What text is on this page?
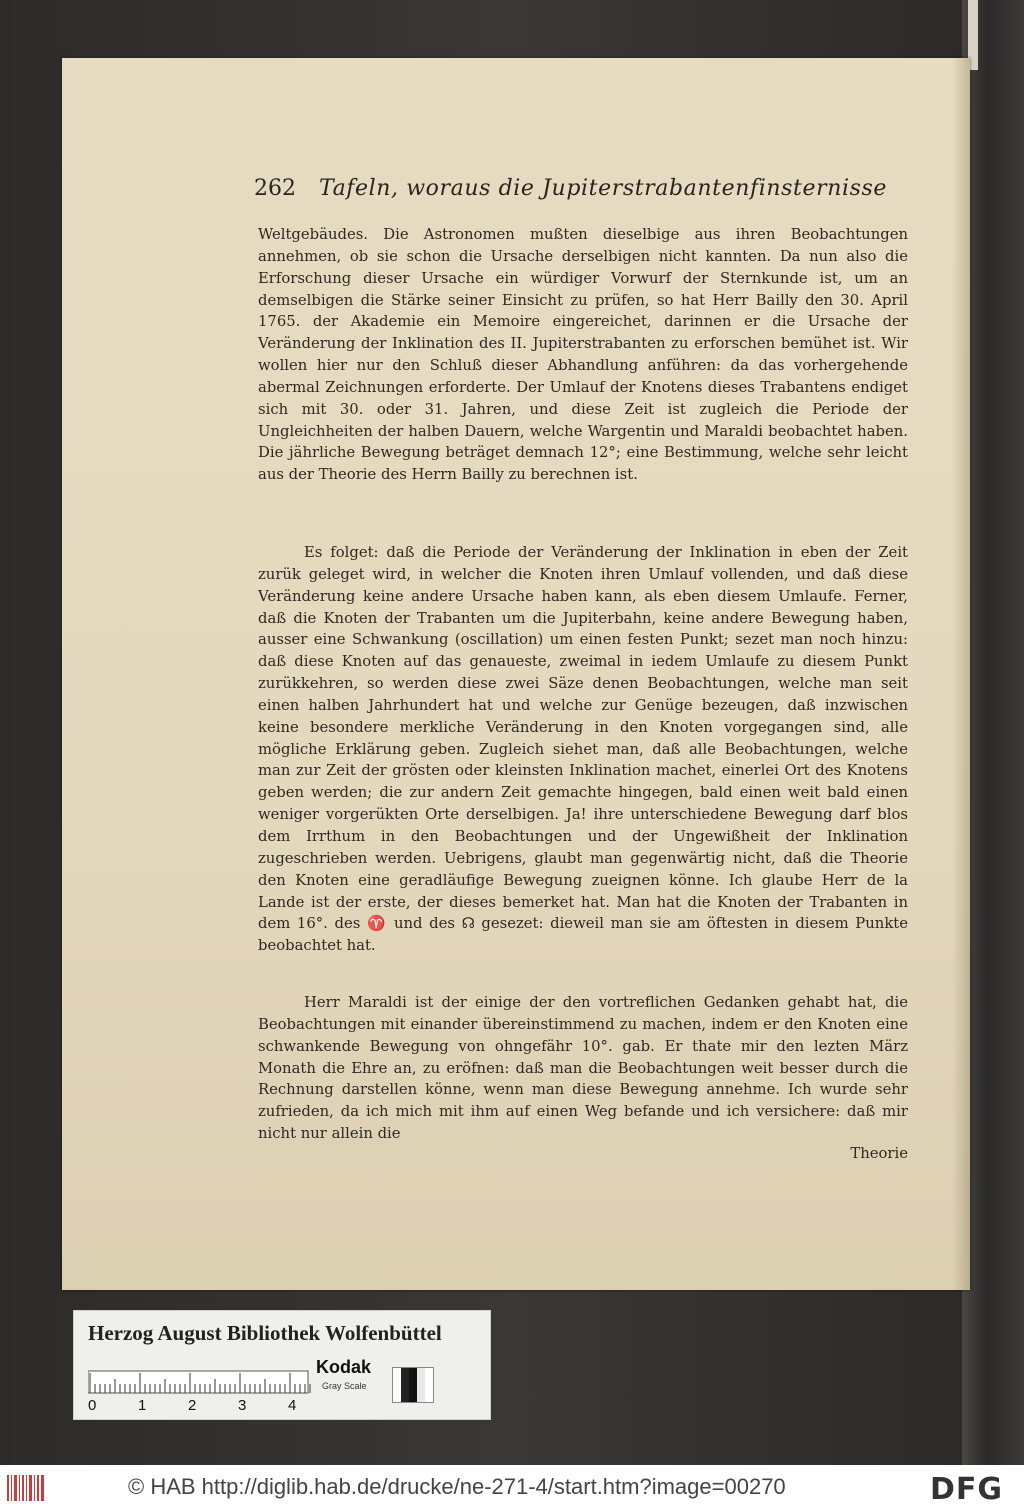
262 Tafeln, woraus die Jupiterstrabantenfinsternisse

Weltgebäudes. Die Astronomen mußten dieselbige aus ihren Beobachtungen annehmen, ob sie schon die Ursache derselbigen nicht kannten. Da nun also die Erforschung dieser Ursache ein würdiger Vorwurf der Sternkunde ist, um an demselbigen die Stärke seiner Einsicht zu prüfen, so hat Herr Bailly den 30. April 1765. der Akademie ein Memoire eingereichet, darinnen er die Ursache der Veränderung der Inklination des II. Jupiterstrabanten zu erforschen bemühet ist. Wir wollen hier nur den Schluß dieser Abhandlung anführen: da das vorhergehende abermal Zeichnungen erforderte. Der Umlauf der Knotens dieses Trabantens endiget sich mit 30. oder 31. Jahren, und diese Zeit ist zugleich die Periode der Ungleichheiten der halben Dauern, welche Wargentin und Maraldi beobachtet haben. Die jährliche Bewegung beträget demnach 12°; eine Bestimmung, welche sehr leicht aus der Theorie des Herrn Bailly zu berechnen ist.

Es folget: daß die Periode der Veränderung der Inklination in eben der Zeit zurük geleget wird, in welcher die Knoten ihren Umlauf vollenden, und daß diese Veränderung keine andere Ursache haben kann, als eben diesem Umlaufe. Ferner, daß die Knoten der Trabanten um die Jupiterbahn, keine andere Bewegung haben, ausser eine Schwankung (oscillation) um einen festen Punkt; sezet man noch hinzu: daß diese Knoten auf das genaueste, zweimal in iedem Umlaufe zu diesem Punkt zurükkehren, so werden diese zwei Säze denen Beobachtungen, welche man seit einen halben Jahrhundert hat und welche zur Genüge bezeugen, daß inzwischen keine besondere merkliche Veränderung in den Knoten vorgegangen sind, alle mögliche Erklärung geben. Zugleich siehet man, daß alle Beobachtungen, welche man zur Zeit der grösten oder kleinsten Inklination machet, einerlei Ort des Knotens geben werden; die zur andern Zeit gemachte hingegen, bald einen weit bald einen weniger vorgerükten Orte derselbigen. Ja! ihre unterschiedene Bewegung darf blos dem Irrthum in den Beobachtungen und der Ungewißheit der Inklination zugeschrieben werden. Uebrigens, glaubt man gegenwärtig nicht, daß die Theorie den Knoten eine geradläufige Bewegung zueignen könne. Ich glaube Herr de la Lande ist der erste, der dieses bemerket hat. Man hat die Knoten der Trabanten in dem 16°. des ♈ und des ☊ gesezet: dieweil man sie am öftesten in diesem Punkte beobachtet hat.

Herr Maraldi ist der einige der den vortreflichen Gedanken gehabt hat, die Beobachtungen mit einander übereinstimmend zu machen, indem er den Knoten eine schwankende Bewegung von ohngefähr 10°. gab. Er thate mir den lezten März Monath die Ehre an, zu eröfnen: daß man die Beobachtungen weit besser durch die Rechnung darstellen könne, wenn man diese Bewegung annehme. Ich wurde sehr zufrieden, da ich mich mit ihm auf einen Weg befande und ich versichere: daß mir nicht nur allein die

Theorie
Herzog August Bibliothek Wolfenbüttel
Kodak
Gray Scale
0	1	2	3	4
© HAB http://diglib.hab.de/drucke/ne-271-4/start.htm?image=00270	DFG
